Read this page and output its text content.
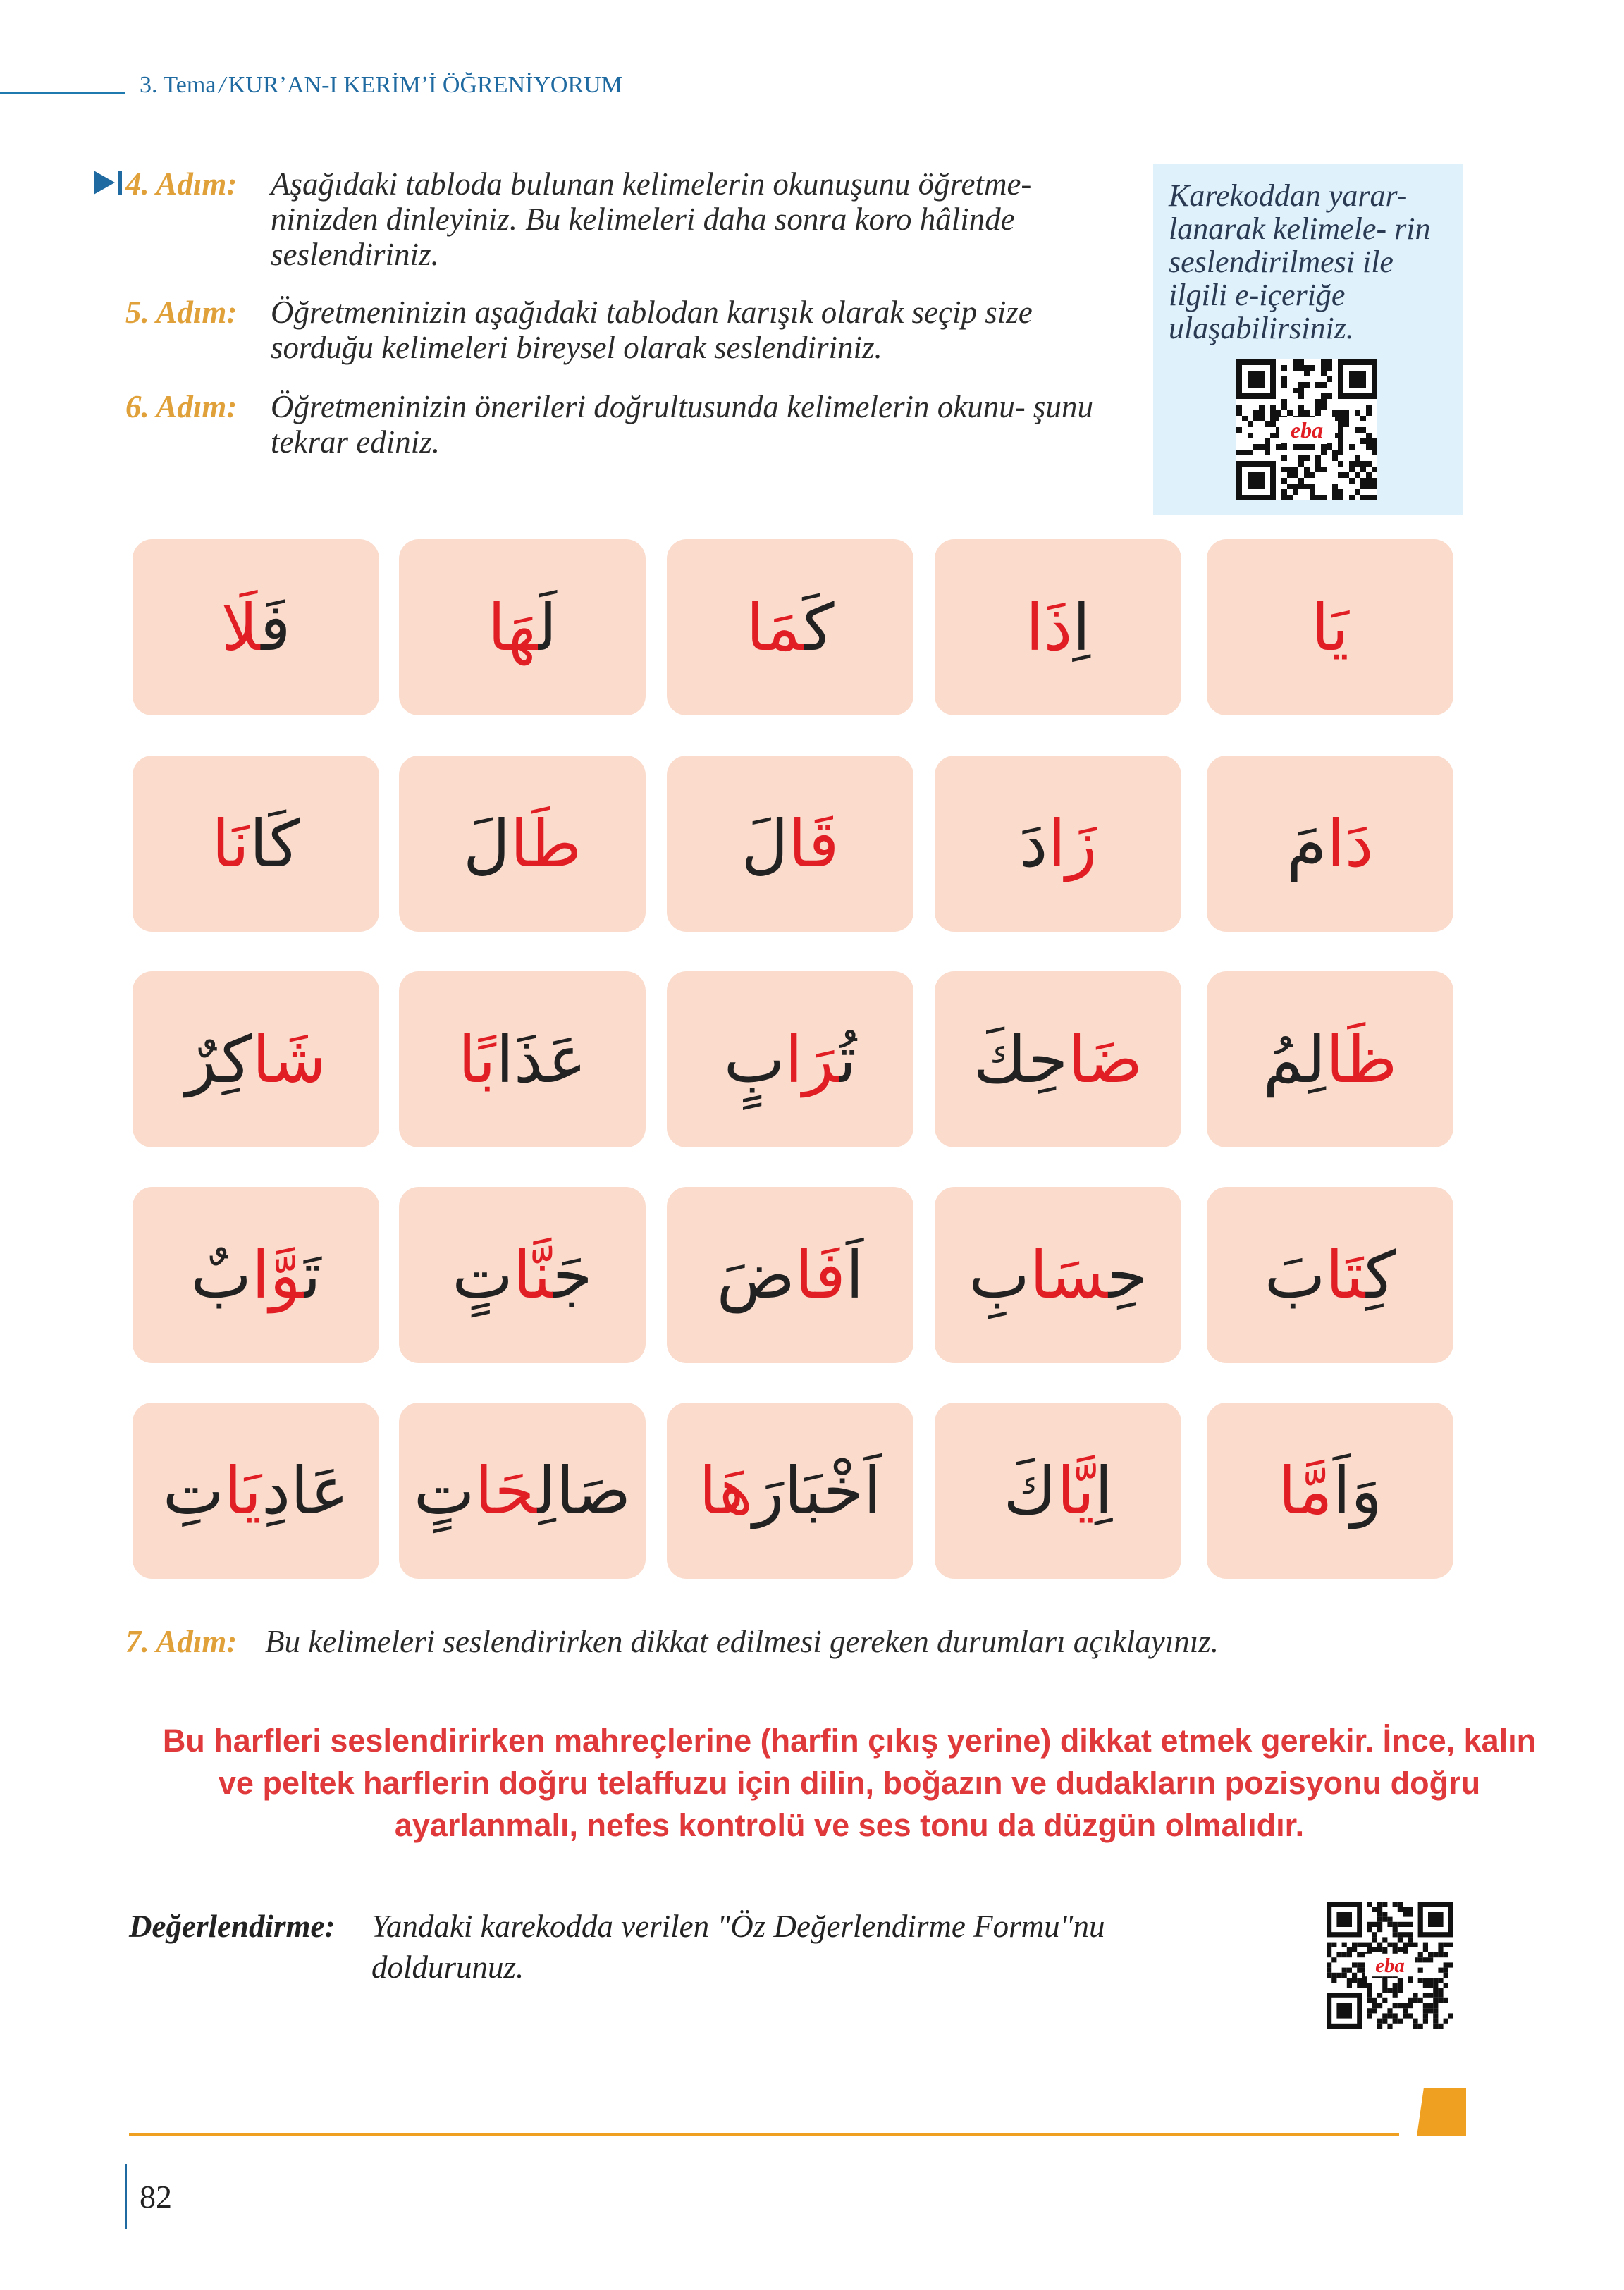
3. Tema / KUR’AN-I KERİM’İ ÖĞRENİYORUM
4. Adım:	Aşağıdaki tabloda bulunan kelimelerin okunuşunu öğretme- ninizden dinleyiniz. Bu kelimeleri daha sonra koro hâlinde seslendiriniz.
5. Adım:	Öğretmeninizin aşağıdaki tablodan karışık olarak seçip size sorduğu kelimeleri bireysel olarak seslendiriniz.
6. Adım:	Öğretmeninizin önerileri doğrultusunda kelimelerin okunu- şunu tekrar ediniz.
Karekoddan yarar- lanarak kelimele- rin seslendirilmesi ile ilgili e-içeriğe ulaşabilirsiniz.
eba
فَ‍
‍لَا	لَ‍
‍هَا	كَ‍
‍مَا	اِ‍
ذَا	يَا
كَا‍
نَا	طَا
لَ	قَا
لَ	زَا
دَ	دَا
مَ
شَا
كِرٌ	عَذَا‍
بًا	تُ‍
‍رَا
بٍ	ضَا
حِكَ	ظَا
لِمُ
تَ‍
‍وَّا
بٌ	جَ‍
‍نَّا
تٍ	اَ‍
فَا
ضَ	حِ‍
‍سَا
بِ	كِ‍
‍تَا
بَ
عَادِ‍
يَا
تِ	صَالِ‍
‍حَا
تٍ	اَخْبَارَ‍
هَا	اِ‍
يَّا
كَ	وَاَ‍
مَّا
7. Adım: Bu kelimeleri seslendirirken dikkat edilmesi gereken durumları açıklayınız.
Bu harfleri seslendirirken mahreçlerine (harfin çıkış yerine) dikkat etmek gerekir. İnce, kalın
ve peltek harflerin doğru telaffuzu için dilin, boğazın ve dudakların pozisyonu doğru
ayarlanmalı, nefes kontrolü ve ses tonu da düzgün olmalıdır.
Değerlendirme: Yandaki karekodda verilen "Öz Değerlendirme Formu"nu doldurunuz.	eba
82
